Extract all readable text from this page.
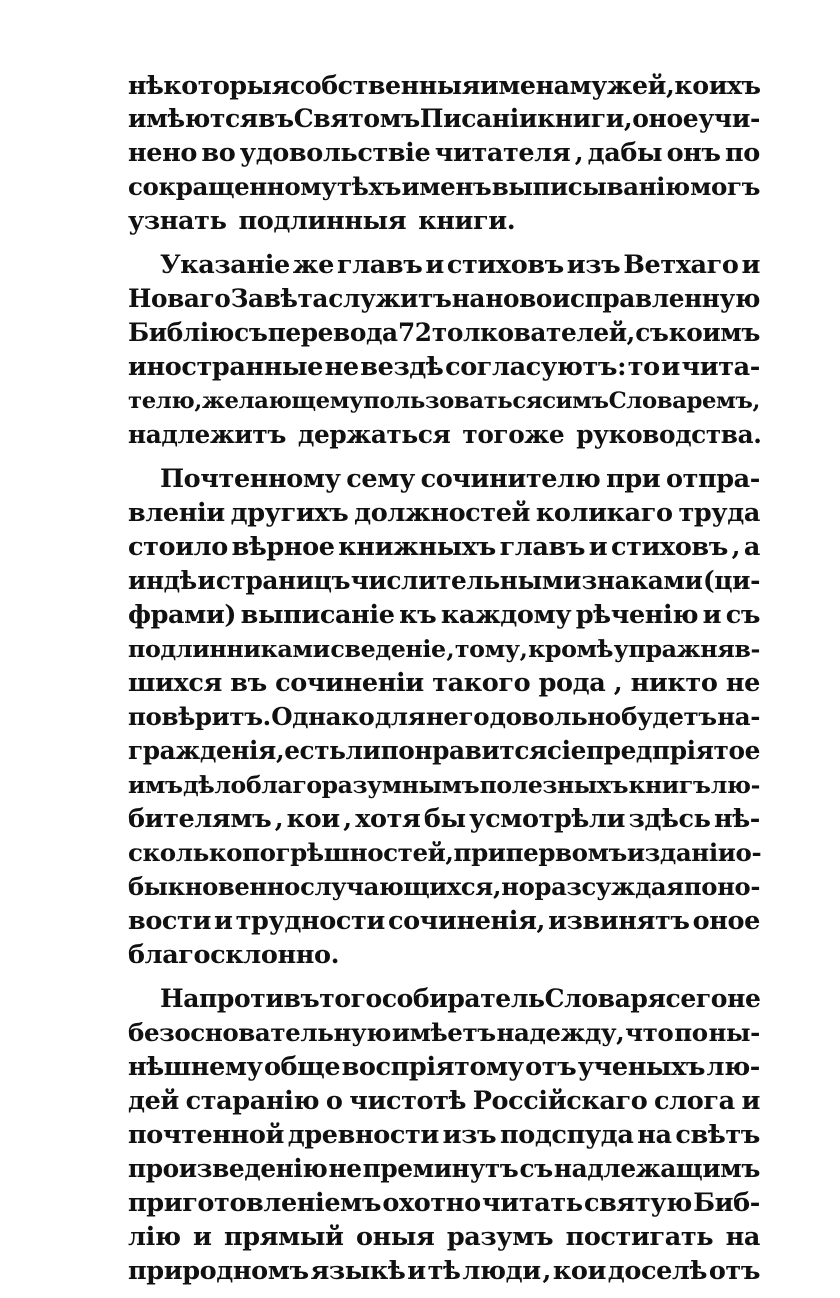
нѣкоторыя собственныя имена мужей , коихъ
имѣются въ Святомъ Писаніи книги, оное учи-
нено во удовольствіе читателя , дабы онъ по
сокращенному тѣхъ именъ выписыванію могъ
узнать подлинныя книги.
Указаніе же главъ и стиховъ изъ Ветхаго и
Новаго Завѣта служитъ на новоисправленную
Библію съ перевода 72 толкователей, съ коимъ
иностранные не вездѣ согласуютъ: то и чита-
телю, желающему пользоваться симъ Словаремъ,
надлежитъ держаться тогоже руководства.
Почтенному сему сочинителю при отпра-
вленіи другихъ должностей коликаго труда
стоило вѣрное книжныхъ главъ и стиховъ , а
индѣ и страницъ числительными знаками (ци-
фрами) выписаніе къ каждому рѣченію и съ
подлинниками сведеніе , тому, кромѣ упражняв-
шихся въ сочиненіи такого рода , никто не
повѣритъ. Однако для него довольно будетъ на-
гражденія , естьли понравится сіе предпріятое
имъ дѣло благоразумнымъ полезныхъ книгъ лю-
бителямъ , кои , хотя бы усмотрѣли здѣсь нѣ-
сколько погрѣшностей , при первомъ изданіи о-
быкновенно случающихся , но разсуждая по но-
вости и трудности сочиненія, извинятъ оное
благосклонно.
Напротивъ того собиратель Словаря сего не
безосновательную имѣетъ надежду, что по ны-
нѣшнему обще воспріятому отъ ученыхъ лю-
дей старанію о чистотѣ Россійскаго слога и
почтенной древности изъ подспуда на свѣтъ
произведенію не преминутъ съ надлежащимъ
приготовленіемъ охотно читать святую Биб-
лію и прямый оныя разумъ постигать на
природномъ языкѣ и тѣ люди , кои доселѣ отъ
